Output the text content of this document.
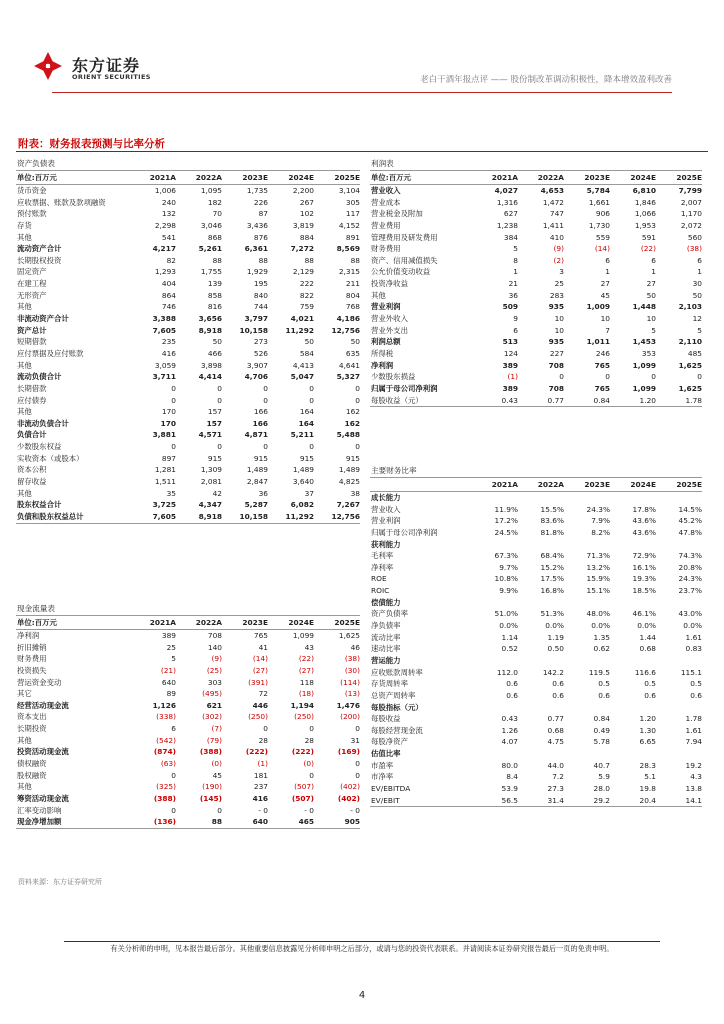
东方证券
ORIENT SECURITIES	老白干酒年报点评 —— 股份制改革调动积极性，降本增效盈利改善
附表：财务报表预测与比率分析
资产负债表
单位:百万元	2021A	2022A	2023E	2024E	2025E
货币资金	1,006	1,095	1,735	2,200	3,104
应收票据、账款及款项融资	240	182	226	267	305
预付账款	132	70	87	102	117
存货	2,298	3,046	3,436	3,819	4,152
其他	541	868	876	884	891
流动资产合计	4,217	5,261	6,361	7,272	8,569
长期股权投资	82	88	88	88	88
固定资产	1,293	1,755	1,929	2,129	2,315
在建工程	404	139	195	222	211
无形资产	864	858	840	822	804
其他	746	816	744	759	768
非流动资产合计	3,388	3,656	3,797	4,021	4,186
资产总计	7,605	8,918	10,158	11,292	12,756
短期借款	235	50	273	50	50
应付票据及应付账款	416	466	526	584	635
其他	3,059	3,898	3,907	4,413	4,641
流动负债合计	3,711	4,414	4,706	5,047	5,327
长期借款	0	0	0	0	0
应付债券	0	0	0	0	0
其他	170	157	166	164	162
非流动负债合计	170	157	166	164	162
负债合计	3,881	4,571	4,871	5,211	5,488
少数股东权益	0	0	0	0	0
实收资本（或股本）	897	915	915	915	915
资本公积	1,281	1,309	1,489	1,489	1,489
留存收益	1,511	2,081	2,847	3,640	4,825
其他	35	42	36	37	38
股东权益合计	3,725	4,347	5,287	6,082	7,267
负债和股东权益总计	7,605	8,918	10,158	11,292	12,756
现金流量表
单位:百万元	2021A	2022A	2023E	2024E	2025E
净利润	389	708	765	1,099	1,625
折旧摊销	25	140	41	43	46
财务费用	5	(9)	(14)	(22)	(38)
投资损失	(21)	(25)	(27)	(27)	(30)
营运资金变动	640	303	(391)	118	(114)
其它	89	(495)	72	(18)	(13)
经营活动现金流	1,126	621	446	1,194	1,476
资本支出	(338)	(302)	(250)	(250)	(200)
长期投资	6	(7)	0	0	0
其他	(542)	(79)	28	28	31
投资活动现金流	(874)	(388)	(222)	(222)	(169)
债权融资	(63)	(0)	(1)	(0)	0
股权融资	0	45	181	0	0
其他	(325)	(190)	237	(507)	(402)
筹资活动现金流	(388)	(145)	416	(507)	(402)
汇率变动影响	0	0	- 0	- 0	- 0
现金净增加额	(136)	88	640	465	905
利润表
单位:百万元	2021A	2022A	2023E	2024E	2025E
营业收入	4,027	4,653	5,784	6,810	7,799
营业成本	1,316	1,472	1,661	1,846	2,007
营业税金及附加	627	747	906	1,066	1,170
营业费用	1,238	1,411	1,730	1,953	2,072
管理费用及研发费用	384	410	559	591	560
财务费用	5	(9)	(14)	(22)	(38)
资产、信用减值损失	8	(2)	6	6	6
公允价值变动收益	1	3	1	1	1
投资净收益	21	25	27	27	30
其他	36	283	45	50	50
营业利润	509	935	1,009	1,448	2,103
营业外收入	9	10	10	10	12
营业外支出	6	10	7	5	5
利润总额	513	935	1,011	1,453	2,110
所得税	124	227	246	353	485
净利润	389	708	765	1,099	1,625
少数股东损益	(1)	0	0	0	0
归属于母公司净利润	389	708	765	1,099	1,625
每股收益（元）	0.43	0.77	0.84	1.20	1.78
主要财务比率
2021A	2022A	2023E	2024E	2025E
成长能力
营业收入	11.9%	15.5%	24.3%	17.8%	14.5%
营业利润	17.2%	83.6%	7.9%	43.6%	45.2%
归属于母公司净利润	24.5%	81.8%	8.2%	43.6%	47.8%
获利能力
毛利率	67.3%	68.4%	71.3%	72.9%	74.3%
净利率	9.7%	15.2%	13.2%	16.1%	20.8%
ROE	10.8%	17.5%	15.9%	19.3%	24.3%
ROIC	9.9%	16.8%	15.1%	18.5%	23.7%
偿债能力
资产负债率	51.0%	51.3%	48.0%	46.1%	43.0%
净负债率	0.0%	0.0%	0.0%	0.0%	0.0%
流动比率	1.14	1.19	1.35	1.44	1.61
速动比率	0.52	0.50	0.62	0.68	0.83
营运能力
应收账款周转率	112.0	142.2	119.5	116.6	115.1
存货周转率	0.6	0.6	0.5	0.5	0.5
总资产周转率	0.6	0.6	0.6	0.6	0.6
每股指标（元）
每股收益	0.43	0.77	0.84	1.20	1.78
每股经营现金流	1.26	0.68	0.49	1.30	1.61
每股净资产	4.07	4.75	5.78	6.65	7.94
估值比率
市盈率	80.0	44.0	40.7	28.3	19.2
市净率	8.4	7.2	5.9	5.1	4.3
EV/EBITDA	53.9	27.3	28.0	19.8	13.8
EV/EBIT	56.5	31.4	29.2	20.4	14.1
资料来源：东方证券研究所
有关分析师的申明，见本报告最后部分。其他重要信息披露见分析师申明之后部分，或请与您的投资代表联系。并请阅读本证券研究报告最后一页的免责申明。
4
